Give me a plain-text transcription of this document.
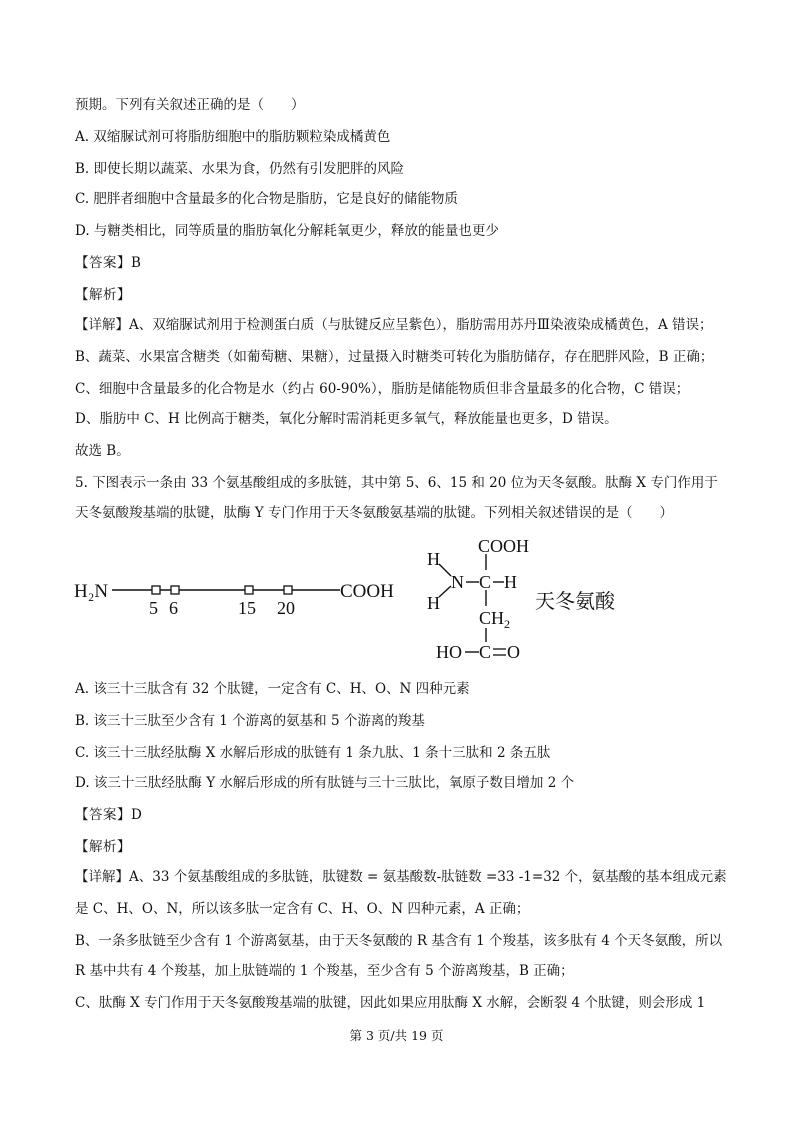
预期。下列有关叙述正确的是（　　）
A. 双缩脲试剂可将脂肪细胞中的脂肪颗粒染成橘黄色
B. 即使长期以蔬菜、水果为食，仍然有引发肥胖的风险
C. 肥胖者细胞中含量最多的化合物是脂肪，它是良好的储能物质
D. 与糖类相比，同等质量的脂肪氧化分解耗氧更少，释放的能量也更少
【答案】B
【解析】
【详解】A、双缩脲试剂用于检测蛋白质（与肽键反应呈紫色），脂肪需用苏丹Ⅲ染液染成橘黄色，A 错误；
B、蔬菜、水果富含糖类（如葡萄糖、果糖），过量摄入时糖类可转化为脂肪储存，存在肥胖风险，B 正确；
C、细胞中含量最多的化合物是水（约占 60-90%），脂肪是储能物质但非含量最多的化合物，C 错误；
D、脂肪中 C、H 比例高于糖类，氧化分解时需消耗更多氧气，释放能量也更多，D 错误。
故选 B。
5. 下图表示一条由 33 个氨基酸组成的多肽链，其中第 5、6、15 和 20 位为天冬氨酸。肽酶 X 专门作用于
天冬氨酸羧基端的肽键，肽酶 Y 专门作用于天冬氨酸氨基端的肽键。下列相关叙述错误的是（　　）
H₂N	COOH
5 6	15 20
H
H
N C H
COOH
$CH_2$
HO C O
天冬氨酸
A. 该三十三肽含有 32 个肽键，一定含有 C、H、O、N 四种元素
B. 该三十三肽至少含有 1 个游离的氨基和 5 个游离的羧基
C. 该三十三肽经肽酶 X 水解后形成的肽链有 1 条九肽、1 条十三肽和 2 条五肽
D. 该三十三肽经肽酶 Y 水解后形成的所有肽链与三十三肽比，氧原子数目增加 2 个
【答案】D
【解析】
【详解】A、33 个氨基酸组成的多肽链，肽键数 = 氨基酸数-肽链数 =33 -1=32 个，氨基酸的基本组成元素
是 C、H、O、N，所以该多肽一定含有 C、H、O、N 四种元素，A 正确；
B、一条多肽链至少含有 1 个游离氨基，由于天冬氨酸的 R 基含有 1 个羧基，该多肽有 4 个天冬氨酸，所以
R 基中共有 4 个羧基，加上肽链端的 1 个羧基，至少含有 5 个游离羧基，B 正确；
C、肽酶 X 专门作用于天冬氨酸羧基端的肽键，因此如果应用肽酶 X 水解，会断裂 4 个肽键，则会形成 1
第 3 页/共 19 页
